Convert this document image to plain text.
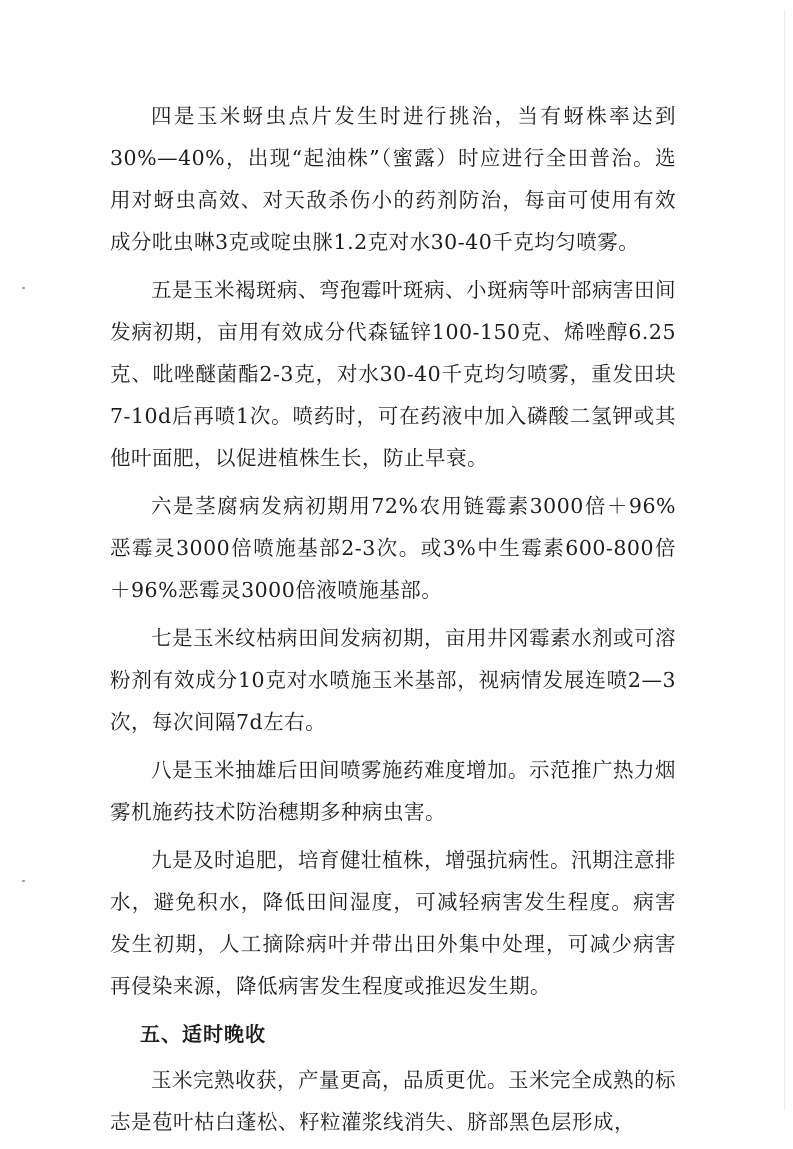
四是玉米蚜虫点片发生时进行挑治，当有蚜株率达到30%—40%，出现“起油株”（蜜露）时应进行全田普治。选用对蚜虫高效、对天敌杀伤小的药剂防治，每亩可使用有效成分吡虫啉3克或啶虫脒1.2克对水30-40千克均匀喷雾。

五是玉米褐斑病、弯孢霉叶斑病、小斑病等叶部病害田间发病初期，亩用有效成分代森锰锌100-150克、烯唑醇6.25克、吡唑醚菌酯2-3克，对水30-40千克均匀喷雾，重发田块7-10d后再喷1次。喷药时，可在药液中加入磷酸二氢钾或其他叶面肥，以促进植株生长，防止早衰。

六是茎腐病发病初期用72%农用链霉素3000倍＋96%恶霉灵3000倍喷施基部2-3次。或3%中生霉素600-800倍＋96%恶霉灵3000倍液喷施基部。

七是玉米纹枯病田间发病初期，亩用井冈霉素水剂或可溶粉剂有效成分10克对水喷施玉米基部，视病情发展连喷2—3次，每次间隔7d左右。

八是玉米抽雄后田间喷雾施药难度增加。示范推广热力烟雾机施药技术防治穗期多种病虫害。

九是及时追肥，培育健壮植株，增强抗病性。汛期注意排水，避免积水，降低田间湿度，可减轻病害发生程度。病害发生初期，人工摘除病叶并带出田外集中处理，可减少病害再侵染来源，降低病害发生程度或推迟发生期。

五、适时晚收

玉米完熟收获，产量更高，品质更优。玉米完全成熟的标志是苞叶枯白蓬松、籽粒灌浆线消失、脐部黑色层形成，
